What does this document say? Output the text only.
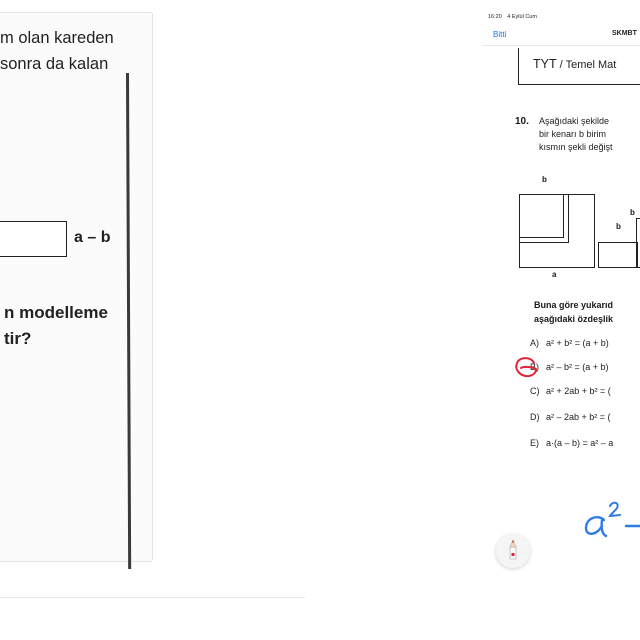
m olan kareden
sonra da kalan
a – b
n modelleme
tir?
16:20 4 Eylül Cum
Bitti	SKMBT
TYT / Temel Mat
10. Aşağıdaki şekilde
bir kenarı b birim
kısmın şekli değişt
b
a
b
b
Buna göre yukarıd
aşağıdaki özdeşlik
A) a² + b² = (a + b)
B) a² – b² = (a + b)
C) a² + 2ab + b² = (
D) a² – 2ab + b² = (
E) a·(a – b) = a² – a
